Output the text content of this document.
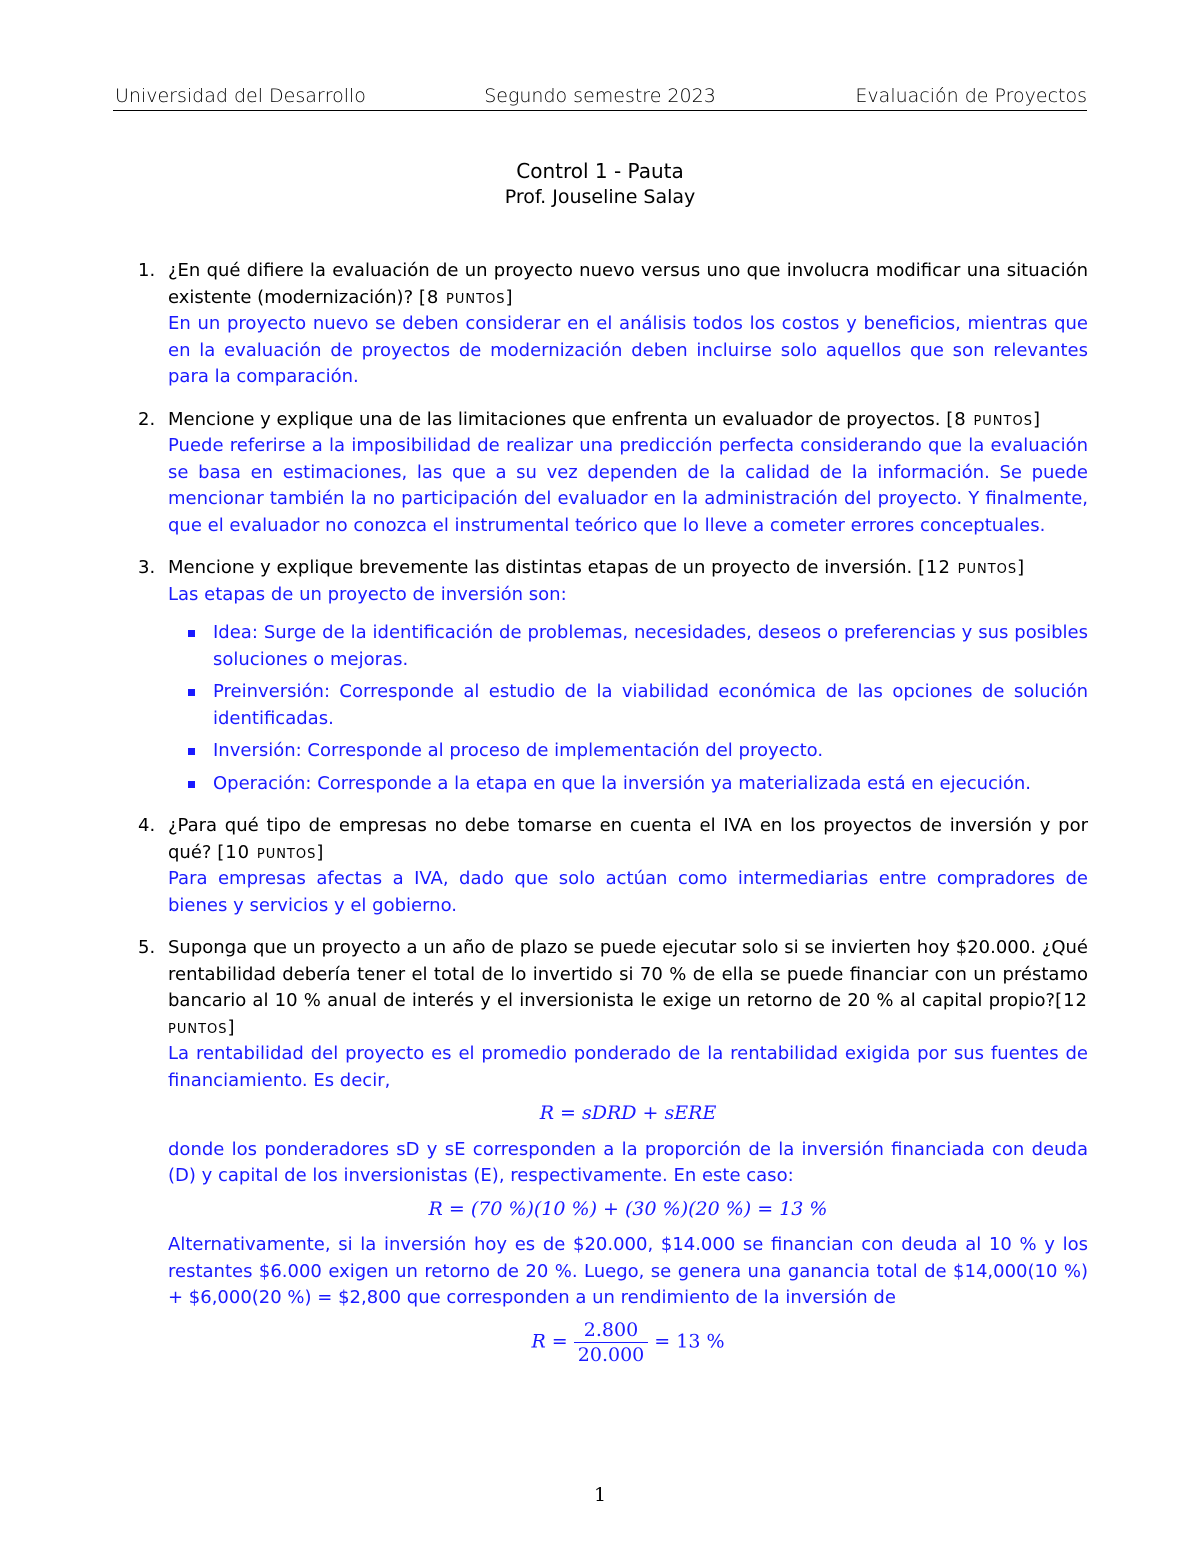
Universidad del Desarrollo	Segundo semestre 2023	Evaluación de Proyectos
Control 1 - Pauta
Prof. Jouseline Salay
1. ¿En qué difiere la evaluación de un proyecto nuevo versus uno que involucra modificar una situación existente (modernización)? [8 puntos]
En un proyecto nuevo se deben considerar en el análisis todos los costos y beneficios, mientras que en la evaluación de proyectos de modernización deben incluirse solo aquellos que son relevantes para la comparación.
2. Mencione y explique una de las limitaciones que enfrenta un evaluador de proyectos. [8 puntos]
Puede referirse a la imposibilidad de realizar una predicción perfecta considerando que la evaluación se basa en estimaciones, las que a su vez dependen de la calidad de la información. Se puede mencionar también la no participación del evaluador en la administración del proyecto. Y finalmente, que el evaluador no conozca el instrumental teórico que lo lleve a cometer errores conceptuales.
3. Mencione y explique brevemente las distintas etapas de un proyecto de inversión. [12 puntos]
Las etapas de un proyecto de inversión son:
Idea: Surge de la identificación de problemas, necesidades, deseos o preferencias y sus posibles soluciones o mejoras.
Preinversión: Corresponde al estudio de la viabilidad económica de las opciones de solución identificadas.
Inversión: Corresponde al proceso de implementación del proyecto.
Operación: Corresponde a la etapa en que la inversión ya materializada está en ejecución.
4. ¿Para qué tipo de empresas no debe tomarse en cuenta el IVA en los proyectos de inversión y por qué? [10 puntos]
Para empresas afectas a IVA, dado que solo actúan como intermediarias entre compradores de bienes y servicios y el gobierno.
5. Suponga que un proyecto a un año de plazo se puede ejecutar solo si se invierten hoy $20.000. ¿Qué rentabilidad debería tener el total de lo invertido si 70 % de ella se puede financiar con un préstamo bancario al 10 % anual de interés y el inversionista le exige un retorno de 20 % al capital propio?[12 puntos]
La rentabilidad del proyecto es el promedio ponderado de la rentabilidad exigida por sus fuentes de financiamiento. Es decir,
R = sDRD + sERE
donde los ponderadores sD y sE corresponden a la proporción de la inversión financiada con deuda (D) y capital de los inversionistas (E), respectivamente. En este caso:
R = (70 %)(10 %) + (30 %)(20 %) = 13 %
Alternativamente, si la inversión hoy es de $20.000, $14.000 se financian con deuda al 10 % y los restantes $6.000 exigen un retorno de 20 %. Luego, se genera una ganancia total de $14,000(10 %) + $6,000(20 %) = $2,800 que corresponden a un rendimiento de la inversión de
$R = \frac{2.800}{20.000} = 13$ %
1
